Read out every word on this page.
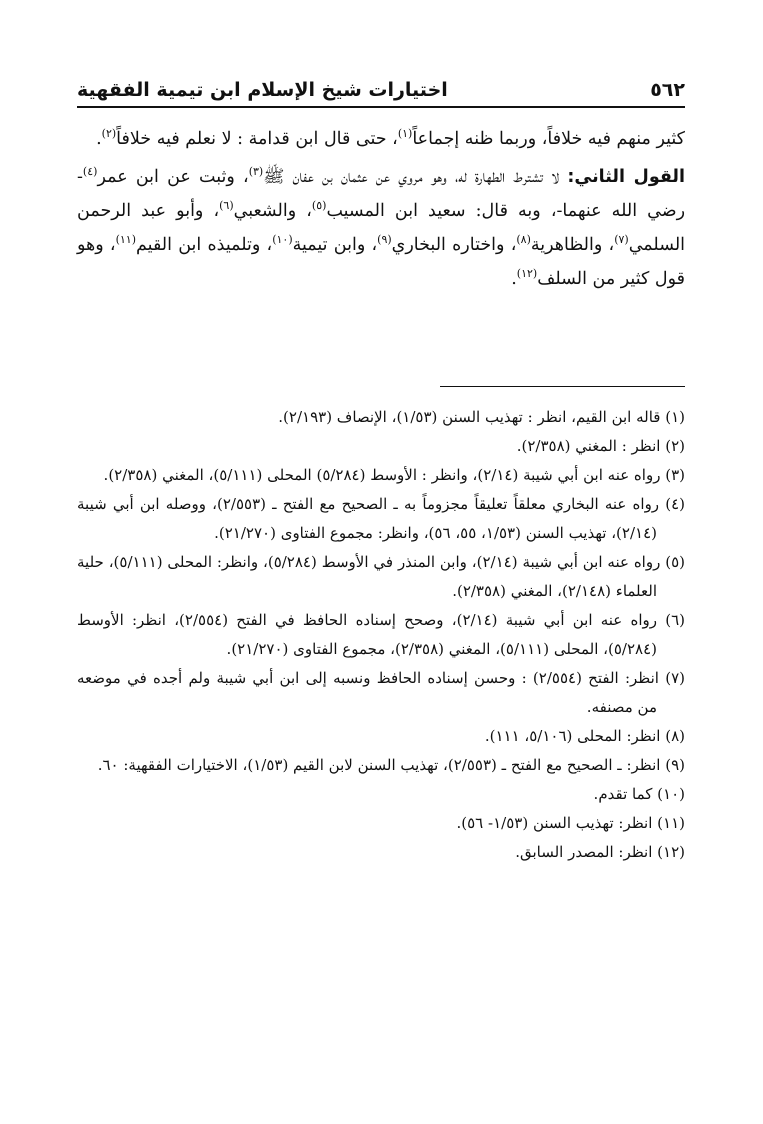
٥٦٢
اختيارات شيخ الإسلام ابن تيمية الفقهية

كثير منهم فيه خلافاً، وربما ظنه إجماعاً$^{(١)}$، حتى قال ابن قدامة : لا نعلم فيه خلافاً$^{(٢)}$.

القول الثاني: لا تشترط الطهارة له، وهو مروي عن عثمان بن عفان ﷺ$^{(٣)}$، وثبت عن ابن عمر$^{(٤)}$- رضي الله عنهما-، وبه قال: سعيد ابن المسيب$^{(٥)}$، والشعبي$^{(٦)}$، وأبو عبد الرحمن السلمي$^{(٧)}$، والظاهرية$^{(٨)}$، واختاره البخاري$^{(٩)}$، وابن تيمية$^{(١٠)}$، وتلميذه ابن القيم$^{(١١)}$، وهو قول كثير من السلف$^{(١٢)}$.

(١) قاله ابن القيم، انظر : تهذيب السنن (١/٥٣)، الإنصاف (٢/١٩٣).

(٢) انظر : المغني (٢/٣٥٨).

(٣) رواه عنه ابن أبي شيبة (٢/١٤)، وانظر : الأوسط (٥/٢٨٤) المحلى (٥/١١١)، المغني (٢/٣٥٨).

(٤) رواه عنه البخاري معلقاً تعليقاً مجزوماً به ـ الصحيح مع الفتح ـ (٢/٥٥٣)، ووصله ابن أبي شيبة (٢/١٤)، تهذيب السنن (١/٥٣، ٥٥، ٥٦)، وانظر: مجموع الفتاوى (٢١/٢٧٠).

(٥) رواه عنه ابن أبي شيبة (٢/١٤)، وابن المنذر في الأوسط (٥/٢٨٤)، وانظر: المحلى (٥/١١١)، حلية العلماء (٢/١٤٨)، المغني (٢/٣٥٨).

(٦) رواه عنه ابن أبي شيبة (٢/١٤)، وصحح إسناده الحافظ في الفتح (٢/٥٥٤)، انظر: الأوسط (٥/٢٨٤)، المحلى (٥/١١١)، المغني (٢/٣٥٨)، مجموع الفتاوى (٢١/٢٧٠).

(٧) انظر: الفتح (٢/٥٥٤) : وحسن إسناده الحافظ ونسبه إلى ابن أبي شيبة ولم أجده في موضعه من مصنفه.

(٨) انظر: المحلى (٥/١٠٦، ١١١).

(٩) انظر: ـ الصحيح مع الفتح ـ (٢/٥٥٣)، تهذيب السنن لابن القيم (١/٥٣)، الاختيارات الفقهية: ٦٠.

(١٠) كما تقدم.

(١١) انظر: تهذيب السنن (١/٥٣- ٥٦).

(١٢) انظر: المصدر السابق.
